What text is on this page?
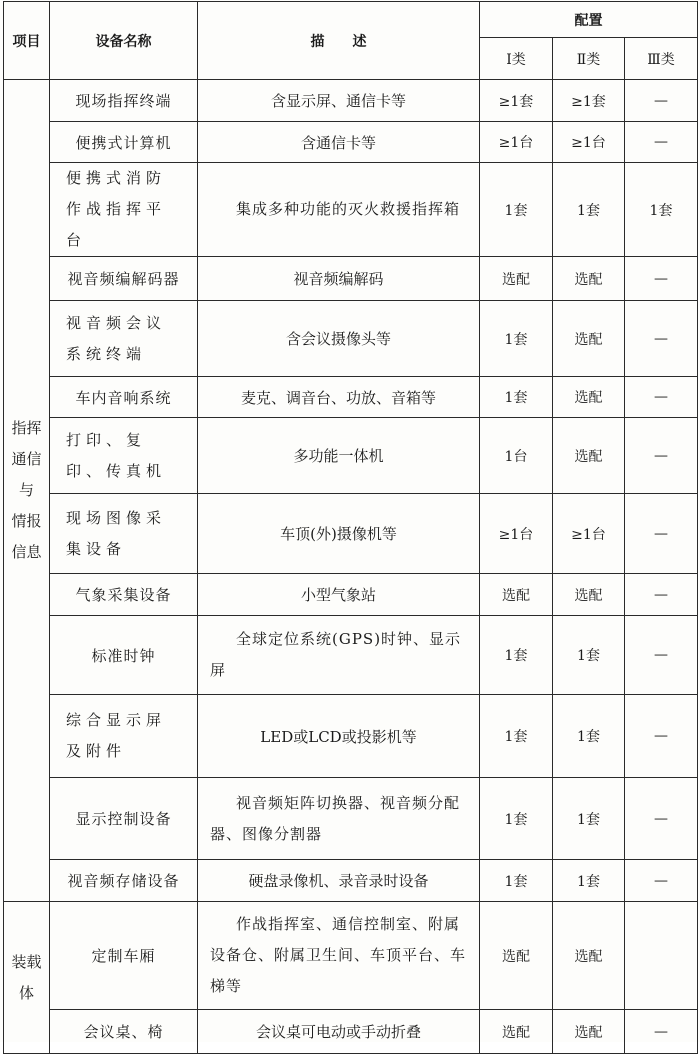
项目	设备名称	描　　述	配置		
			Ⅰ类	Ⅱ类	Ⅲ类

指挥
通信
与
情报
信息	现场指挥终端	含显示屏、通信卡等	≥1套	≥1套	—
	便携式计算机	含通信卡等	≥1台	≥1台	—
	便携式消防作战指挥平台	集成多种功能的灭火救援指挥箱	1套	1套	1套
	视音频编解码器	视音频编解码	选配	选配	—
	视音频会议系统终端	含会议摄像头等	1套	选配	—
	车内音响系统	麦克、调音台、功放、音箱等	1套	选配	—
	打印、复印、传真机	多功能一体机	1台	选配	—
	现场图像采集设备	车顶(外)摄像机等	≥1台	≥1台	—
	气象采集设备	小型气象站	选配	选配	—
	标准时钟	全球定位系统(GPS)时钟、显示屏	1套	1套	—
	综合显示屏及附件	LED或LCD或投影机等	1套	1套	—
	显示控制设备	视音频矩阵切换器、视音频分配器、图像分割器	1套	1套	—
	视音频存储设备	硬盘录像机、录音录时设备	1套	1套	—

装载
体	定制车厢	作战指挥室、通信控制室、附属设备仓、附属卫生间、车顶平台、车梯等	选配	选配	
	会议桌、椅	会议桌可电动或手动折叠	选配	选配	—
